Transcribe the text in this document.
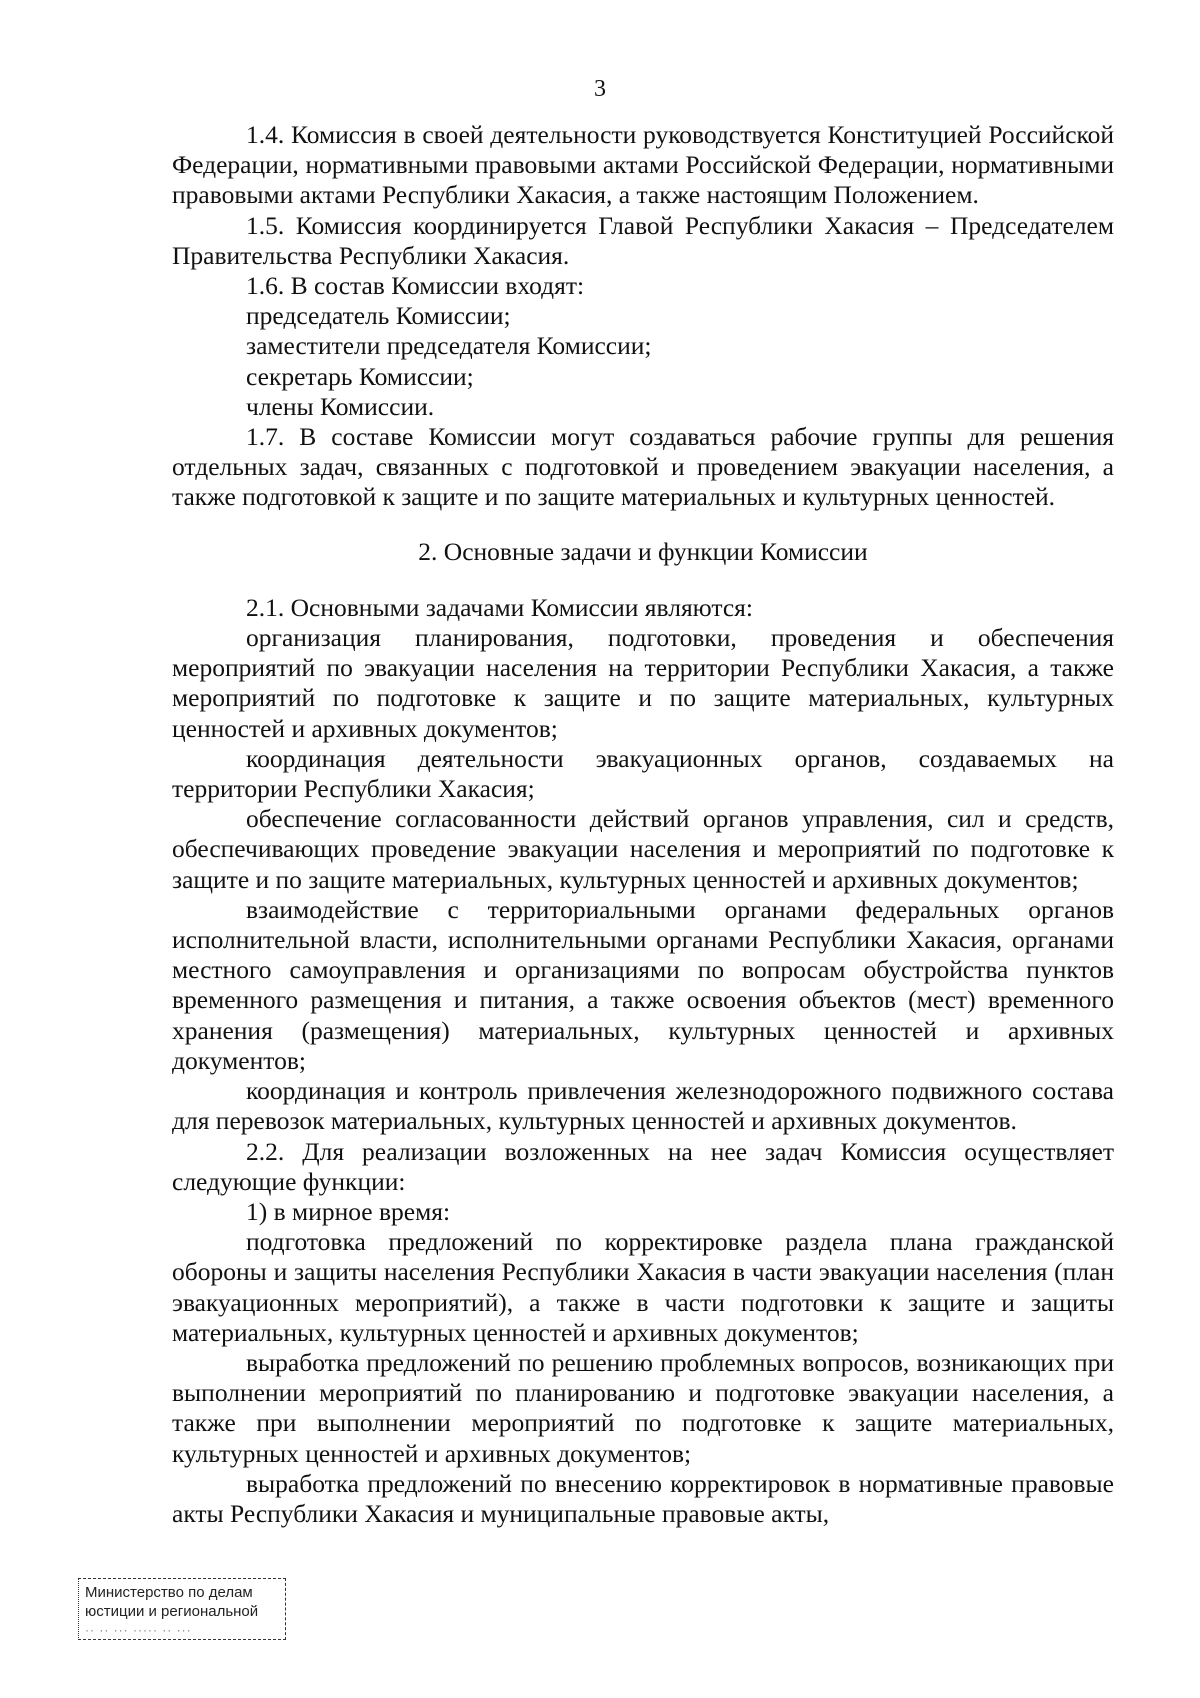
3

1.4. Комиссия в своей деятельности руководствуется Конституцией Российской Федерации, нормативными правовыми актами Российской Федерации, нормативными правовыми актами Республики Хакасия, а также настоящим Положением.

1.5. Комиссия координируется Главой Республики Хакасия – Председателем Правительства Республики Хакасия.

1.6. В состав Комиссии входят:

председатель Комиссии;

заместители председателя Комиссии;

секретарь Комиссии;

члены Комиссии.

1.7. В составе Комиссии могут создаваться рабочие группы для решения отдельных задач, связанных с подготовкой и проведением эвакуации населения, а также подготовкой к защите и по защите материальных и культурных ценностей.

2. Основные задачи и функции Комиссии

2.1. Основными задачами Комиссии являются:

организация планирования, подготовки, проведения и обеспечения мероприятий по эвакуации населения на территории Республики Хакасия, а также мероприятий по подготовке к защите и по защите материальных, культурных ценностей и архивных документов;

координация деятельности эвакуационных органов, создаваемых на территории Республики Хакасия;

обеспечение согласованности действий органов управления, сил и средств, обеспечивающих проведение эвакуации населения и мероприятий по подготовке к защите и по защите материальных, культурных ценностей и архивных документов;

взаимодействие с территориальными органами федеральных органов исполнительной власти, исполнительными органами Республики Хакасия, органами местного самоуправления и организациями по вопросам обустройства пунктов временного размещения и питания, а также освоения объектов (мест) временного хранения (размещения) материальных, культурных ценностей и архивных документов;

координация и контроль привлечения железнодорожного подвижного состава для перевозок материальных, культурных ценностей и архивных документов.

2.2. Для реализации возложенных на нее задач Комиссия осуществляет следующие функции:

1) в мирное время:

подготовка предложений по корректировке раздела плана гражданской обороны и защиты населения Республики Хакасия в части эвакуации населения (план эвакуационных мероприятий), а также в части подготовки к защите и защиты материальных, культурных ценностей и архивных документов;

выработка предложений по решению проблемных вопросов, возникающих при выполнении мероприятий по планированию и подготовке эвакуации населения, а также при выполнении мероприятий по подготовке к защите материальных, культурных ценностей и архивных документов;

выработка предложений по внесению корректировок в нормативные правовые акты Республики Хакасия и муниципальные правовые акты,

Министерство по делам
юстиции и региональной
·· ·· ··· ····· ·· ···
